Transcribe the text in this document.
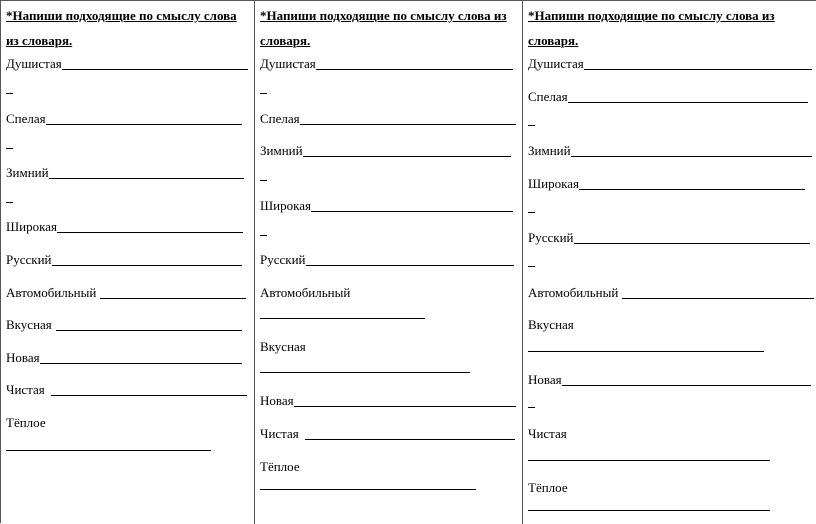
*Напиши подходящие по смыслу слова
из словаря.
Душистая
Спелая
Зимний
Широкая
Русский
Автомобильный
Вкусная
Новая
Чистая
Тёплое
*Напиши подходящие по смыслу слова из
словаря.
Душистая
Спелая
Зимний
Широкая
Русский
Автомобильный
Вкусная
Новая
Чистая
Тёплое
*Напиши подходящие по смыслу слова из
словаря.
Душистая
Спелая
Зимний
Широкая
Русский
Автомобильный
Вкусная
Новая
Чистая
Тёплое
